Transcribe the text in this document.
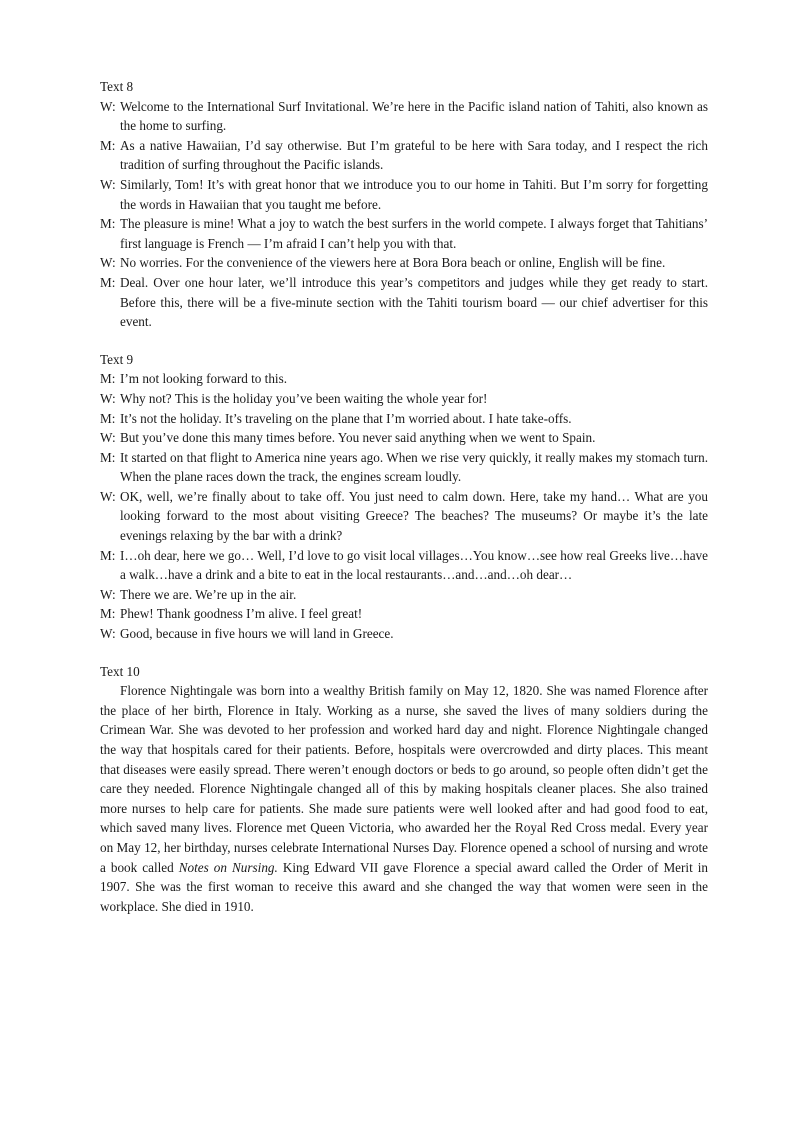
Text 8
W: Welcome to the International Surf Invitational. We’re here in the Pacific island nation of Tahiti, also known as the home to surfing.
M: As a native Hawaiian, I’d say otherwise. But I’m grateful to be here with Sara today, and I respect the rich tradition of surfing throughout the Pacific islands.
W: Similarly, Tom! It’s with great honor that we introduce you to our home in Tahiti. But I’m sorry for forgetting the words in Hawaiian that you taught me before.
M: The pleasure is mine! What a joy to watch the best surfers in the world compete. I always forget that Tahitians’ first language is French — I’m afraid I can’t help you with that.
W: No worries. For the convenience of the viewers here at Bora Bora beach or online, English will be fine.
M: Deal. Over one hour later, we’ll introduce this year’s competitors and judges while they get ready to start. Before this, there will be a five-minute section with the Tahiti tourism board — our chief advertiser for this event.
Text 9
M: I’m not looking forward to this.
W: Why not? This is the holiday you’ve been waiting the whole year for!
M: It’s not the holiday. It’s traveling on the plane that I’m worried about. I hate take-offs.
W: But you’ve done this many times before. You never said anything when we went to Spain.
M: It started on that flight to America nine years ago. When we rise very quickly, it really makes my stomach turn. When the plane races down the track, the engines scream loudly.
W: OK, well, we’re finally about to take off. You just need to calm down. Here, take my hand… What are you looking forward to the most about visiting Greece? The beaches? The museums? Or maybe it’s the late evenings relaxing by the bar with a drink?
M: I…oh dear, here we go… Well, I’d love to go visit local villages…You know…see how real Greeks live…have a walk…have a drink and a bite to eat in the local restaurants…and…and…oh dear…
W: There we are. We’re up in the air.
M: Phew! Thank goodness I’m alive. I feel great!
W: Good, because in five hours we will land in Greece.
Text 10

Florence Nightingale was born into a wealthy British family on May 12, 1820. She was named Florence after the place of her birth, Florence in Italy. Working as a nurse, she saved the lives of many soldiers during the Crimean War. She was devoted to her profession and worked hard day and night. Florence Nightingale changed the way that hospitals cared for their patients. Before, hospitals were overcrowded and dirty places. This meant that diseases were easily spread. There weren’t enough doctors or beds to go around, so people often didn’t get the care they needed. Florence Nightingale changed all of this by making hospitals cleaner places. She also trained more nurses to help care for patients. She made sure patients were well looked after and had good food to eat, which saved many lives. Florence met Queen Victoria, who awarded her the Royal Red Cross medal. Every year on May 12, her birthday, nurses celebrate International Nurses Day. Florence opened a school of nursing and wrote a book called Notes on Nursing. King Edward VII gave Florence a special award called the Order of Merit in 1907. She was the first woman to receive this award and she changed the way that women were seen in the workplace. She died in 1910.
